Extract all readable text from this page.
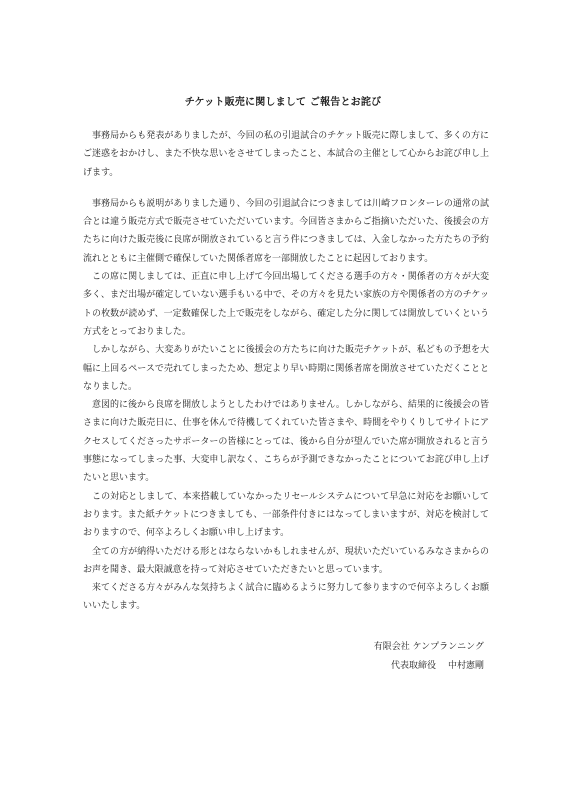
チケット販売に関しまして ご報告とお詫び

事務局からも発表がありましたが、今回の私の引退試合のチケット販売に際しまして、多くの方にご迷惑をおかけし、また不快な思いをさせてしまったこと、本試合の主催として心からお詫び申し上げます。

事務局からも説明がありました通り、今回の引退試合につきましては川崎フロンターレの通常の試合とは違う販売方式で販売させていただいています。今回皆さまからご指摘いただいた、後援会の方たちに向けた販売後に良席が開放されていると言う件につきましては、入金しなかった方たちの予約流れとともに主催側で確保していた関係者席を一部開放したことに起因しております。

この席に関しましては、正直に申し上げて今回出場してくださる選手の方々・関係者の方々が大変多く、まだ出場が確定していない選手もいる中で、その方々を見たい家族の方や関係者の方のチケットの枚数が読めず、一定数確保した上で販売をしながら、確定した分に関しては開放していくという方式をとっておりました。

しかしながら、大変ありがたいことに後援会の方たちに向けた販売チケットが、私どもの予想を大幅に上回るペースで売れてしまったため、想定より早い時期に関係者席を開放させていただくこととなりました。

意図的に後から良席を開放しようとしたわけではありません。しかしながら、結果的に後援会の皆さまに向けた販売日に、仕事を休んで待機してくれていた皆さまや、時間をやりくりしてサイトにアクセスしてくださったサポーターの皆様にとっては、後から自分が望んでいた席が開放されると言う事態になってしまった事、大変申し訳なく、こちらが予測できなかったことについてお詫び申し上げたいと思います。

この対応としまして、本来搭載していなかったリセールシステムについて早急に対応をお願いしております。また紙チケットにつきましても、一部条件付きにはなってしまいますが、対応を検討しておりますので、何卒よろしくお願い申し上げます。

全ての方が納得いただける形とはならないかもしれませんが、現状いただいているみなさまからのお声を聞き、最大限誠意を持って対応させていただきたいと思っています。

来てくださる方々がみんな気持ちよく試合に臨めるように努力して参りますので何卒よろしくお願いいたします。

有限会社 ケンプランニング
代表取締役 中村憲剛
